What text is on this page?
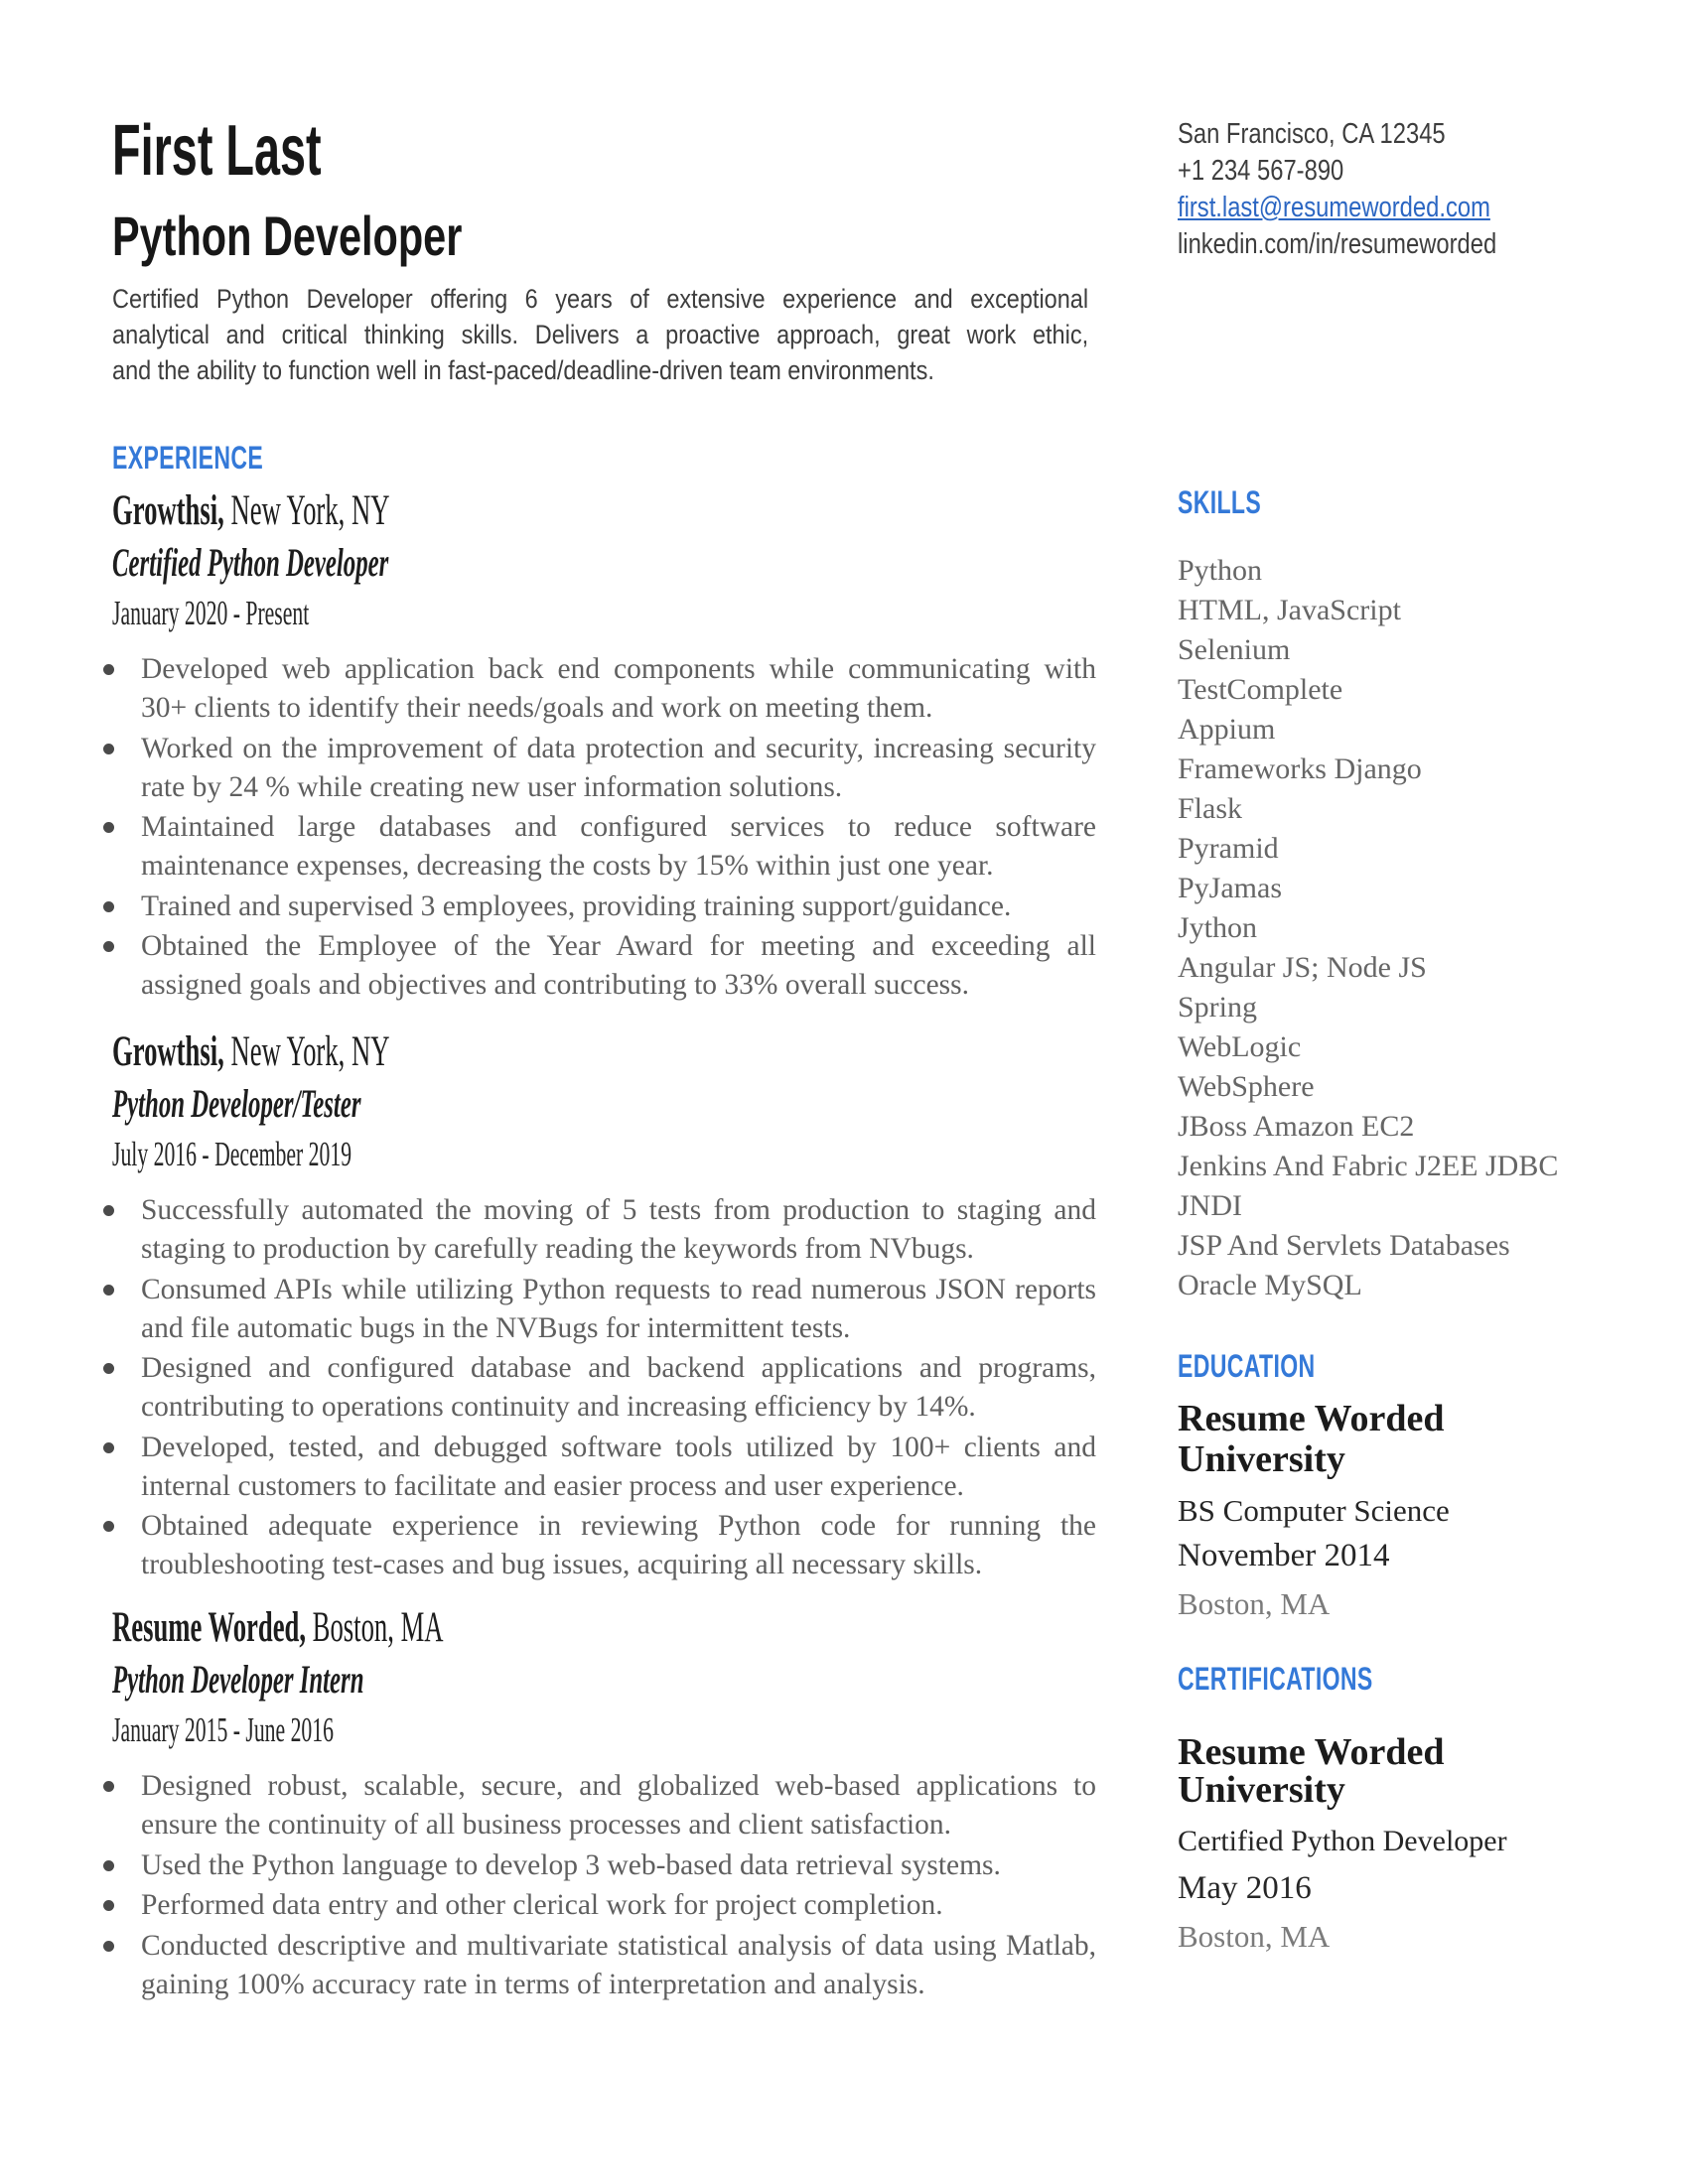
First Last
Python Developer
Certified Python Developer offering 6 years of extensive experience and exceptional
analytical and critical thinking skills. Delivers a proactive approach, great work ethic,
and the ability to function well in fast-paced/deadline-driven team environments.
EXPERIENCE
Growthsi, New York, NY
Certified Python Developer
January 2020 - Present
Developed web application back end components while communicating with 30+ clients to identify their needs/goals and work on meeting them.
Worked on the improvement of data protection and security, increasing security rate by 24 % while creating new user information solutions.
Maintained large databases and configured services to reduce software maintenance expenses, decreasing the costs by 15% within just one year.
Trained and supervised 3 employees, providing training support/guidance.
Obtained the Employee of the Year Award for meeting and exceeding all assigned goals and objectives and contributing to 33% overall success.
Growthsi, New York, NY
Python Developer/Tester
July 2016 - December 2019
Successfully automated the moving of 5 tests from production to staging and staging to production by carefully reading the keywords from NVbugs.
Consumed APIs while utilizing Python requests to read numerous JSON reports and file automatic bugs in the NVBugs for intermittent tests.
Designed and configured database and backend applications and programs, contributing to operations continuity and increasing efficiency by 14%.
Developed, tested, and debugged software tools utilized by 100+ clients and internal customers to facilitate and easier process and user experience.
Obtained adequate experience in reviewing Python code for running the troubleshooting test-cases and bug issues, acquiring all necessary skills.
Resume Worded, Boston, MA
Python Developer Intern
January 2015 - June 2016
Designed robust, scalable, secure, and globalized web-based applications to ensure the continuity of all business processes and client satisfaction.
Used the Python language to develop 3 web-based data retrieval systems.
Performed data entry and other clerical work for project completion.
Conducted descriptive and multivariate statistical analysis of data using Matlab, gaining 100% accuracy rate in terms of interpretation and analysis.
San Francisco, CA 12345
+1 234 567-890
first.last@resumeworded.com
linkedin.com/in/resumeworded
SKILLS
Python
HTML, JavaScript
Selenium
TestComplete
Appium
Frameworks Django
Flask
Pyramid
PyJamas
Jython
Angular JS; Node JS
Spring
WebLogic
WebSphere
JBoss Amazon EC2
Jenkins And Fabric J2EE JDBC
JNDI
JSP And Servlets Databases
Oracle MySQL
EDUCATION
Resume Worded University
BS Computer Science
November 2014
Boston, MA
CERTIFICATIONS
Resume Worded University
Certified Python Developer
May 2016
Boston, MA
